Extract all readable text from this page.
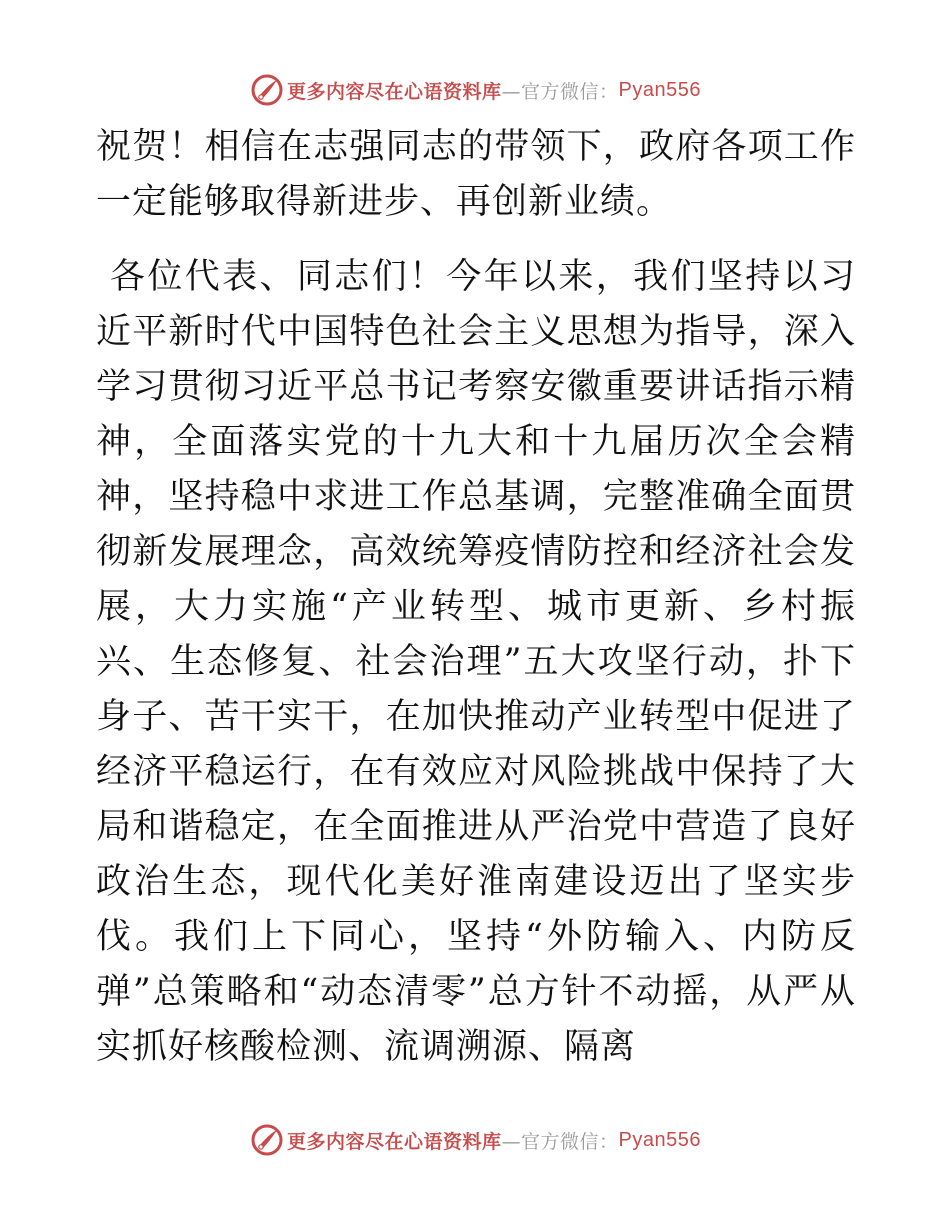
更多内容尽在心语资料库 —官方微信： Pyan556

祝贺！相信在志强同志的带领下，政府各项工作一定能够取得新进步、再创新业绩。

各位代表、同志们！今年以来，我们坚持以习近平新时代中国特色社会主义思想为指导，深入学习贯彻习近平总书记考察安徽重要讲话指示精神，全面落实党的十九大和十九届历次全会精神，坚持稳中求进工作总基调，完整准确全面贯彻新发展理念，高效统筹疫情防控和经济社会发展，大力实施“产业转型、城市更新、乡村振兴、生态修复、社会治理”五大攻坚行动，扑下身子、苦干实干，在加快推动产业转型中促进了经济平稳运行，在有效应对风险挑战中保持了大局和谐稳定，在全面推进从严治党中营造了良好政治生态，现代化美好淮南建设迈出了坚实步伐。我们上下同心，坚持“外防输入、内防反弹”总策略和“动态清零”总方针不动摇，从严从实抓好核酸检测、流调溯源、隔离

更多内容尽在心语资料库 —官方微信： Pyan556
